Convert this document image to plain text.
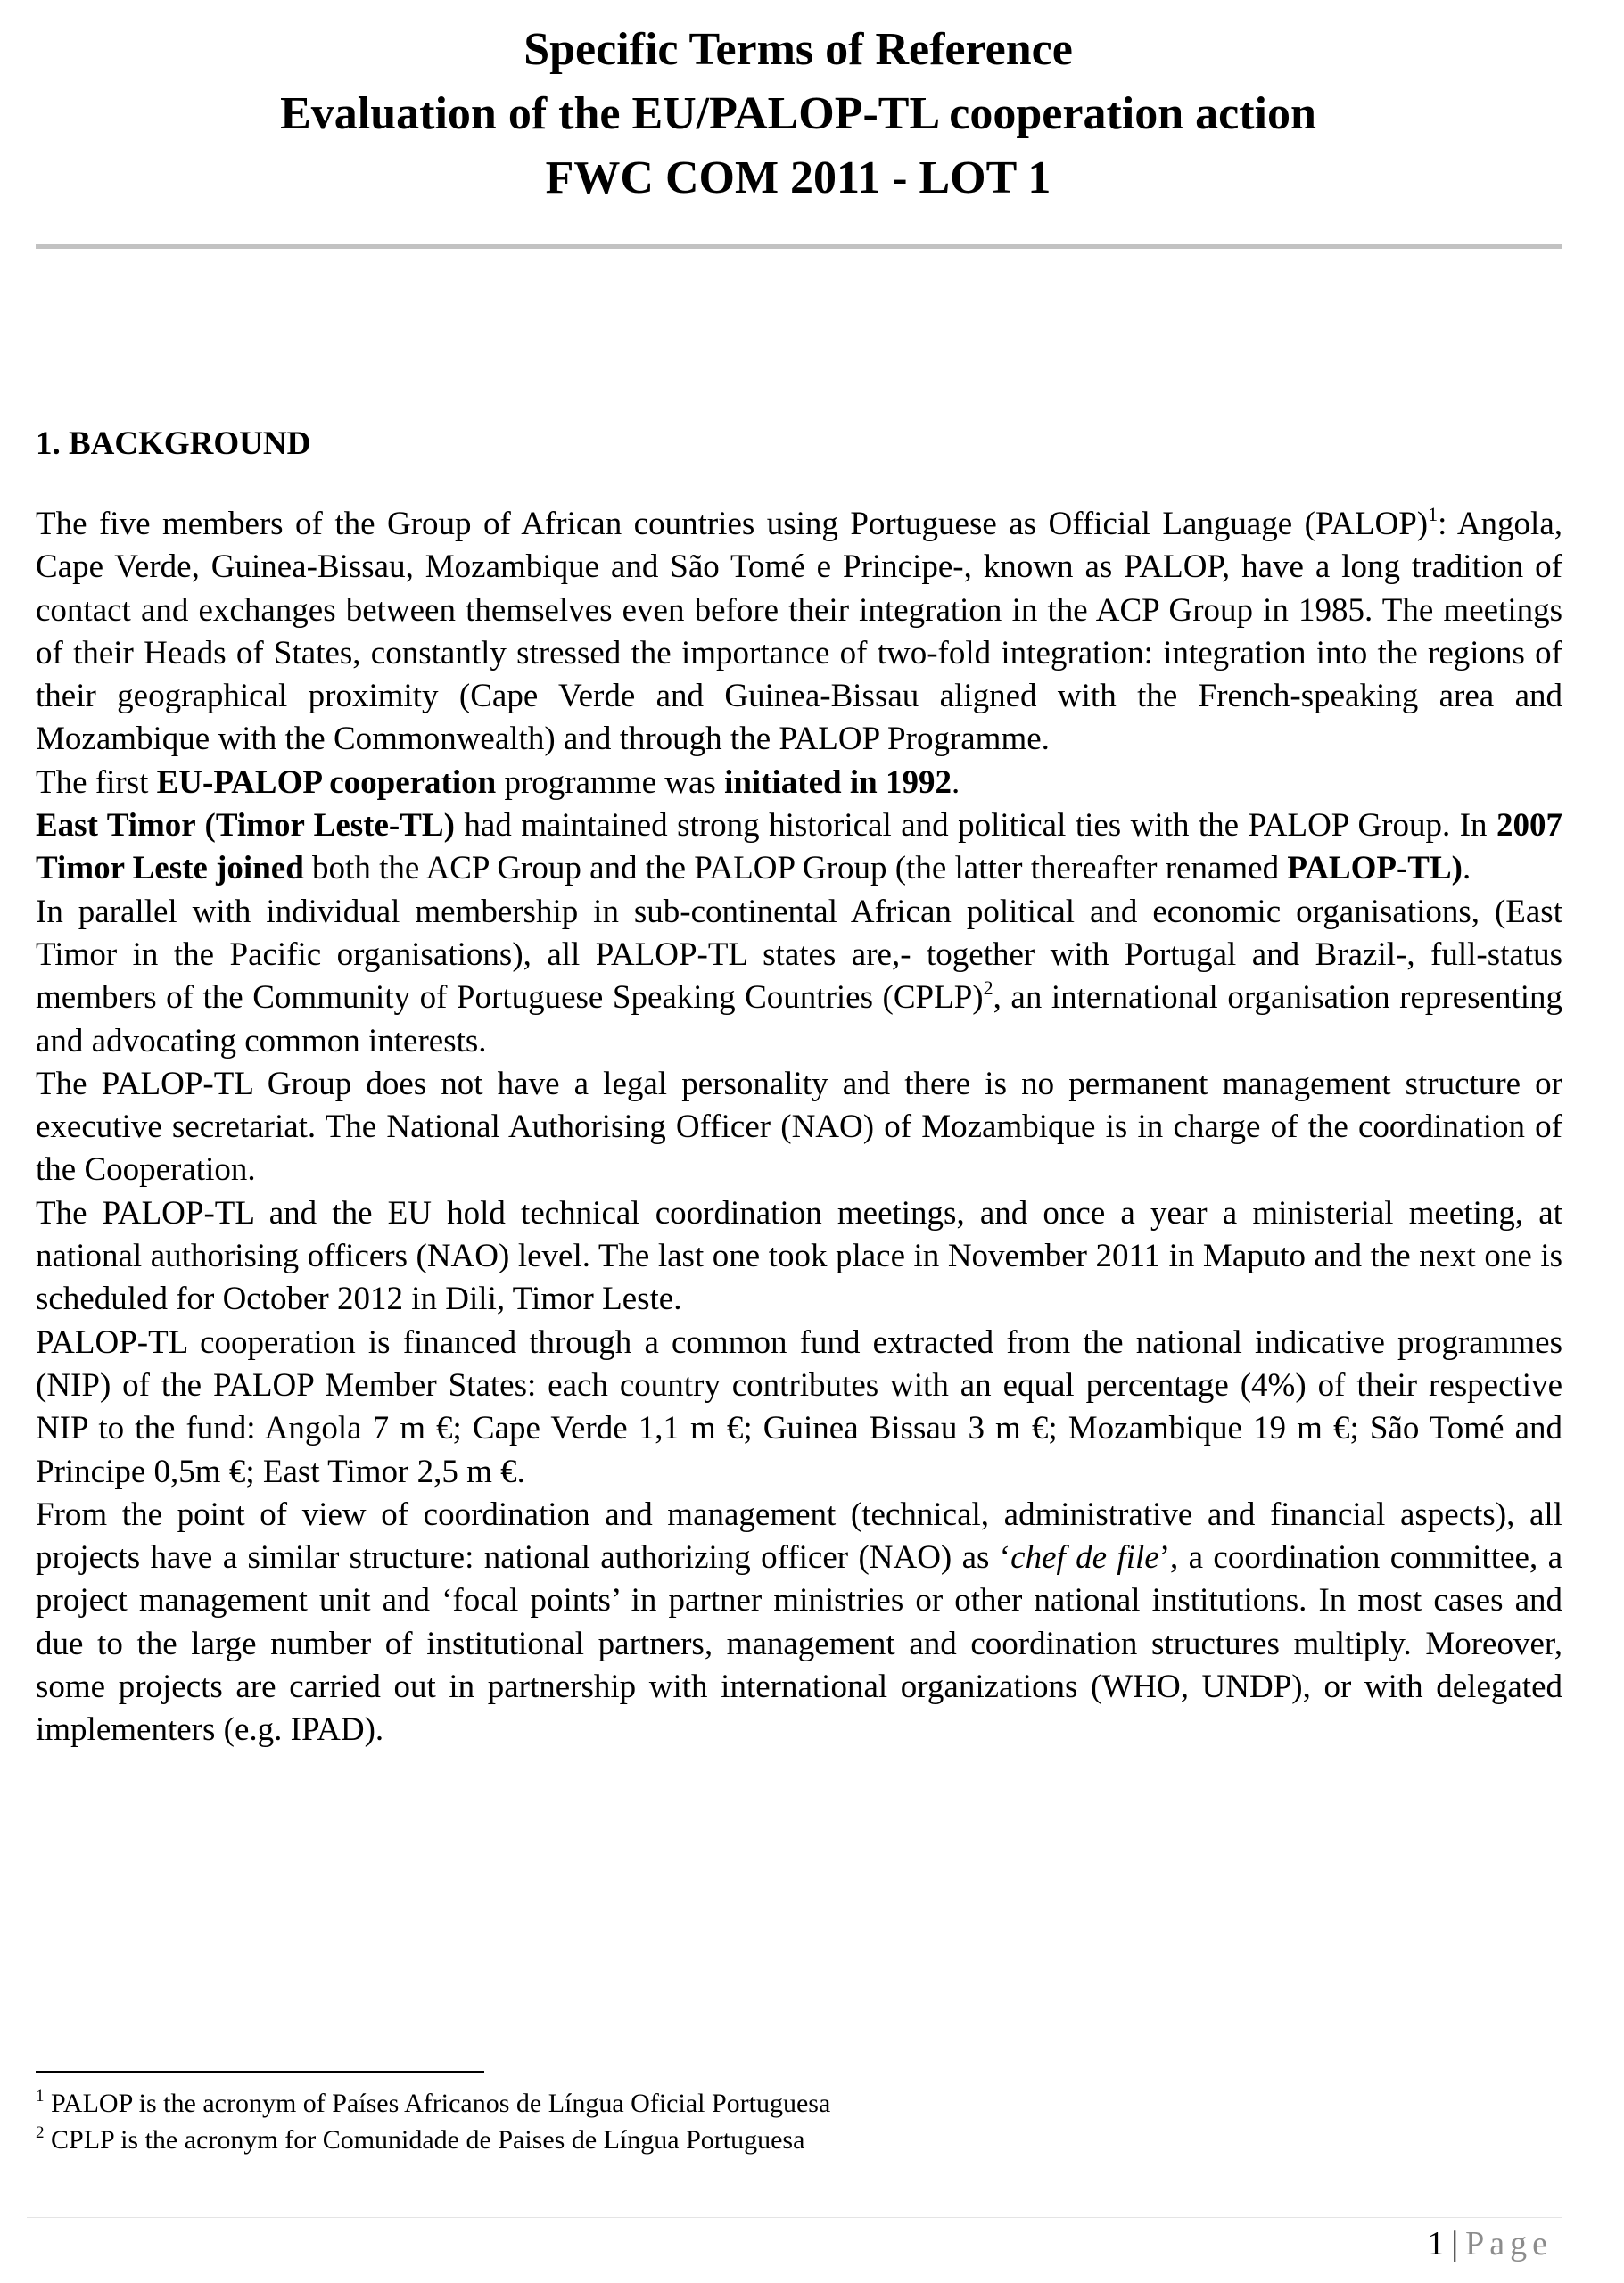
Specific Terms of Reference
Evaluation of the EU/PALOP-TL cooperation action
FWC COM 2011 - LOT 1
1. BACKGROUND

The five members of the Group of African countries using Portuguese as Official Language (PALOP)$^1$: Angola, Cape Verde, Guinea-Bissau, Mozambique and São Tomé e Principe-, known as PALOP, have a long tradition of contact and exchanges between themselves even before their integration in the ACP Group in 1985. The meetings of their Heads of States, constantly stressed the importance of two-fold integration: integration into the regions of their geographical proximity (Cape Verde and Guinea-Bissau aligned with the French-speaking area and Mozambique with the Commonwealth) and through the PALOP Programme.

The first EU-PALOP cooperation programme was initiated in 1992.

East Timor (Timor Leste-TL) had maintained strong historical and political ties with the PALOP Group. In 2007 Timor Leste joined both the ACP Group and the PALOP Group (the latter thereafter renamed PALOP-TL).

In parallel with individual membership in sub-continental African political and economic organisations, (East Timor in the Pacific organisations), all PALOP-TL states are,- together with Portugal and Brazil-, full-status members of the Community of Portuguese Speaking Countries (CPLP)$^2$, an international organisation representing and advocating common interests.

The PALOP-TL Group does not have a legal personality and there is no permanent management structure or executive secretariat. The National Authorising Officer (NAO) of Mozambique is in charge of the coordination of the Cooperation.

The PALOP-TL and the EU hold technical coordination meetings, and once a year a ministerial meeting, at national authorising officers (NAO) level. The last one took place in November 2011 in Maputo and the next one is scheduled for October 2012 in Dili, Timor Leste.

PALOP-TL cooperation is financed through a common fund extracted from the national indicative programmes (NIP) of the PALOP Member States: each country contributes with an equal percentage (4%) of their respective NIP to the fund: Angola 7 m €; Cape Verde 1,1 m €; Guinea Bissau 3 m €; Mozambique 19 m €; São Tomé and Principe 0,5m €; East Timor 2,5 m €.

From the point of view of coordination and management (technical, administrative and financial aspects), all projects have a similar structure: national authorizing officer (NAO) as ‘chef de file’, a coordination committee, a project management unit and ‘focal points’ in partner ministries or other national institutions. In most cases and due to the large number of institutional partners, management and coordination structures multiply. Moreover, some projects are carried out in partnership with international organizations (WHO, UNDP), or with delegated implementers (e.g. IPAD).

$^1$ PALOP is the acronym of Países Africanos de Língua Oficial Portuguesa
$^2$ CPLP is the acronym for Comunidade de Paises de Língua Portuguesa
1 | Page
